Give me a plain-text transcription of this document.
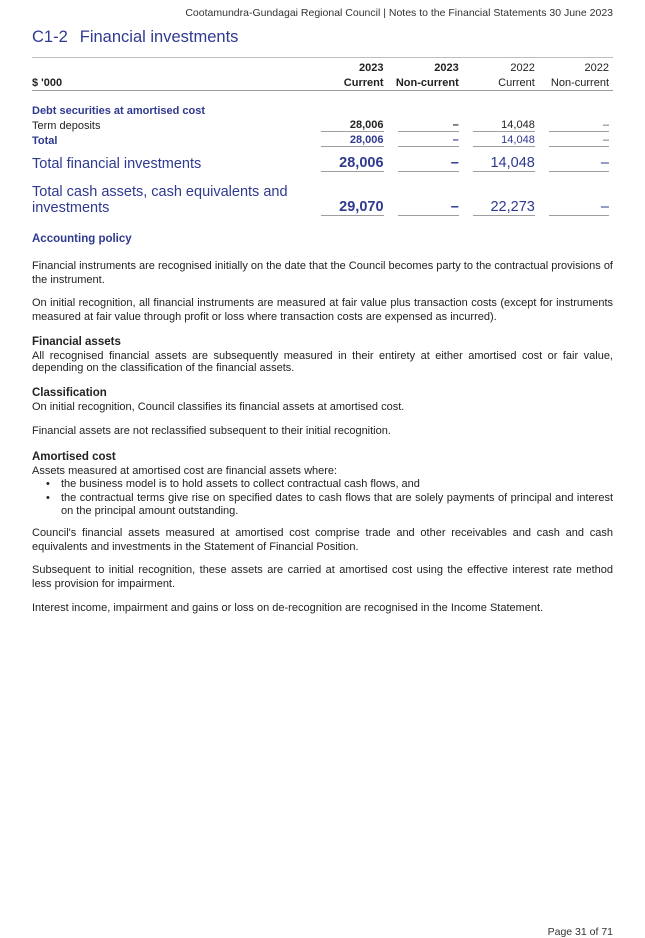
Cootamundra-Gundagai Regional Council | Notes to the Financial Statements 30 June 2023
C1-2 Financial investments
	2023	2023	2022	2022
$ '000	Current	Non-current	Current	Non-current
Debt securities at amortised cost				
Term deposits	28,006	–	14,048	–

Total	28,006	–	14,048	–

Total financial investments	28,006	–	14,048	–

Total cash assets, cash equivalents and
investments	29,070	–	22,273	–
Accounting policy
Financial instruments are recognised initially on the date that the Council becomes party to the contractual provisions of the instrument.
On initial recognition, all financial instruments are measured at fair value plus transaction costs (except for instruments measured at fair value through profit or loss where transaction costs are expensed as incurred).
Financial assets
All recognised financial assets are subsequently measured in their entirety at either amortised cost or fair value, depending on the classification of the financial assets.
Classification
On initial recognition, Council classifies its financial assets at amortised cost.
Financial assets are not reclassified subsequent to their initial recognition.
Amortised cost
Assets measured at amortised cost are financial assets where:
• the business model is to hold assets to collect contractual cash flows, and
• the contractual terms give rise on specified dates to cash flows that are solely payments of principal and interest on the principal amount outstanding.
Council's financial assets measured at amortised cost comprise trade and other receivables and cash and cash equivalents and investments in the Statement of Financial Position.
Subsequent to initial recognition, these assets are carried at amortised cost using the effective interest rate method less provision for impairment.
Interest income, impairment and gains or loss on de-recognition are recognised in the Income Statement.
Page 31 of 71
